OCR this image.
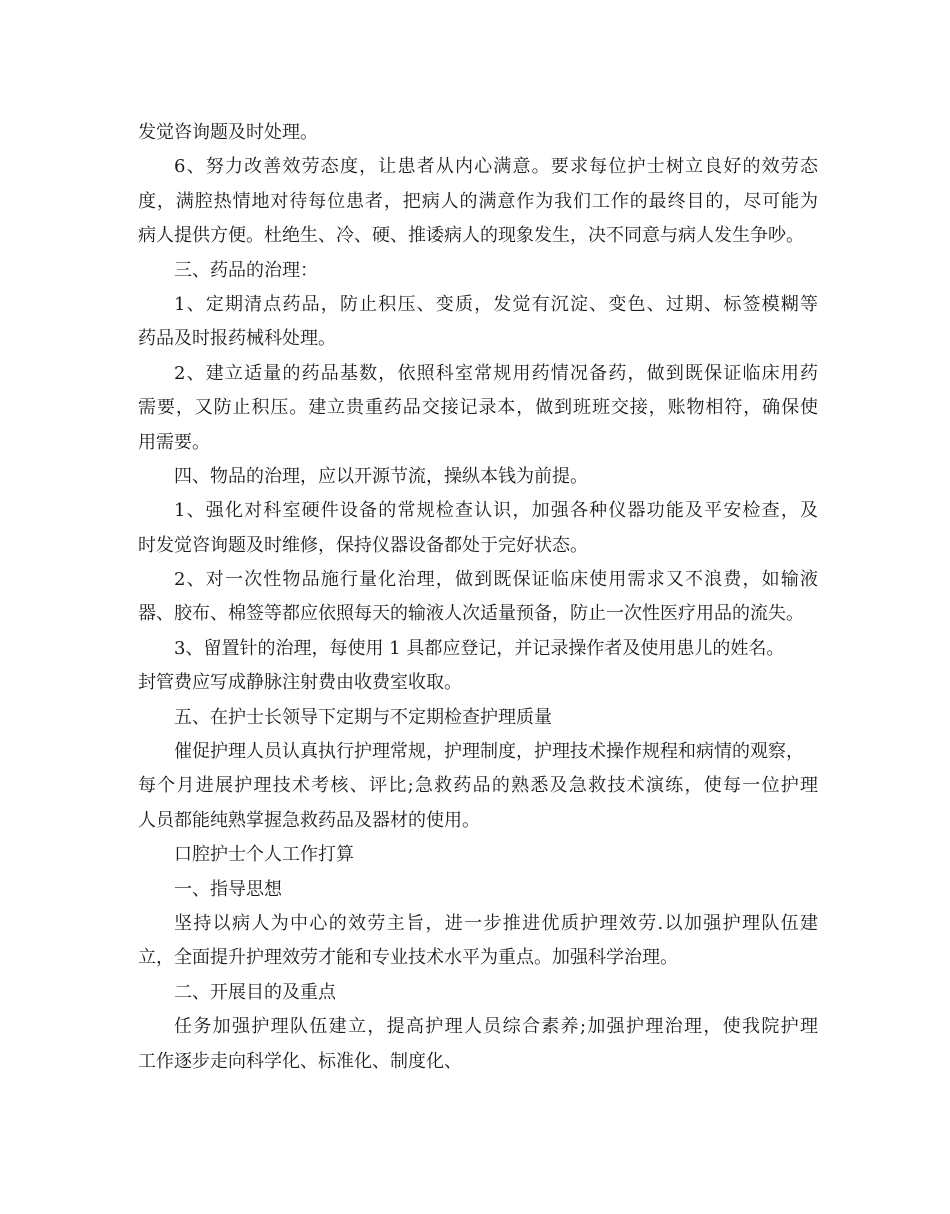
发觉咨询题及时处理。
6、努力改善效劳态度，让患者从内心满意。要求每位护士树立良好的效劳态
度，满腔热情地对待每位患者，把病人的满意作为我们工作的最终目的，尽可能为
病人提供方便。杜绝生、冷、硬、推诿病人的现象发生，决不同意与病人发生争吵。
三、药品的治理：
1、定期清点药品，防止积压、变质，发觉有沉淀、变色、过期、标签模糊等
药品及时报药械科处理。
2、建立适量的药品基数，依照科室常规用药情况备药，做到既保证临床用药
需要，又防止积压。建立贵重药品交接记录本，做到班班交接，账物相符，确保使
用需要。
四、物品的治理，应以开源节流，操纵本钱为前提。
1、强化对科室硬件设备的常规检查认识，加强各种仪器功能及平安检查，及
时发觉咨询题及时维修，保持仪器设备都处于完好状态。
2、对一次性物品施行量化治理，做到既保证临床使用需求又不浪费，如输液
器、胶布、棉签等都应依照每天的输液人次适量预备，防止一次性医疗用品的流失。
3、留置针的治理，每使用 1 具都应登记，并记录操作者及使用患儿的姓名。
封管费应写成静脉注射费由收费室收取。
五、在护士长领导下定期与不定期检查护理质量
催促护理人员认真执行护理常规，护理制度，护理技术操作规程和病情的观察，
每个月进展护理技术考核、评比;急救药品的熟悉及急救技术演练，使每一位护理
人员都能纯熟掌握急救药品及器材的使用。
口腔护士个人工作打算
一、指导思想
坚持以病人为中心的效劳主旨，进一步推进优质护理效劳.以加强护理队伍建
立，全面提升护理效劳才能和专业技术水平为重点。加强科学治理。
二、开展目的及重点
任务加强护理队伍建立，提高护理人员综合素养;加强护理治理，使我院护理
工作逐步走向科学化、标准化、制度化、
